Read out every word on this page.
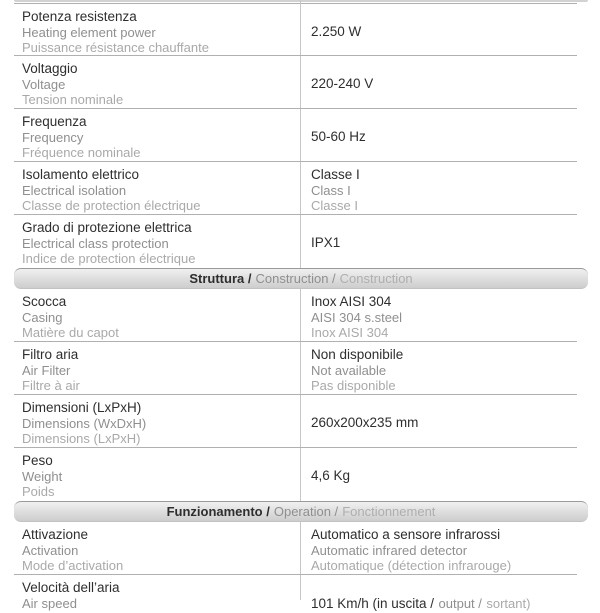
Potenza resistenza
Heating element power
Puissance résistance chauffante
2.250 W
Voltaggio
Voltage
Tension nominale
220-240 V
Frequenza
Frequency
Fréquence nominale
50-60 Hz
Isolamento elettrico
Electrical isolation
Classe de protection électrique
Classe I
Class I
Classe I
Grado di protezione elettrica
Electrical class protection
Indice de protection électrique
IPX1
Struttura / Construction / Construction
Scocca
Casing
Matière du capot
Inox AISI 304
AISI 304 s.steel
Inox AISI 304
Filtro aria
Air Filter
Filtre à air
Non disponibile
Not available
Pas disponible
Dimensioni (LxPxH)
Dimensions (WxDxH)
Dimensions (LxPxH)
260x200x235 mm
Peso
Weight
Poids
4,6 Kg
Funzionamento / Operation / Fonctionnement
Attivazione
Activation
Mode d’activation
Automatico a sensore infrarossi
Automatic infrared detector
Automatique (détection infrarouge)
Velocità dell’aria
Air speed	101 Km/h (in uscita / output / sortant)
